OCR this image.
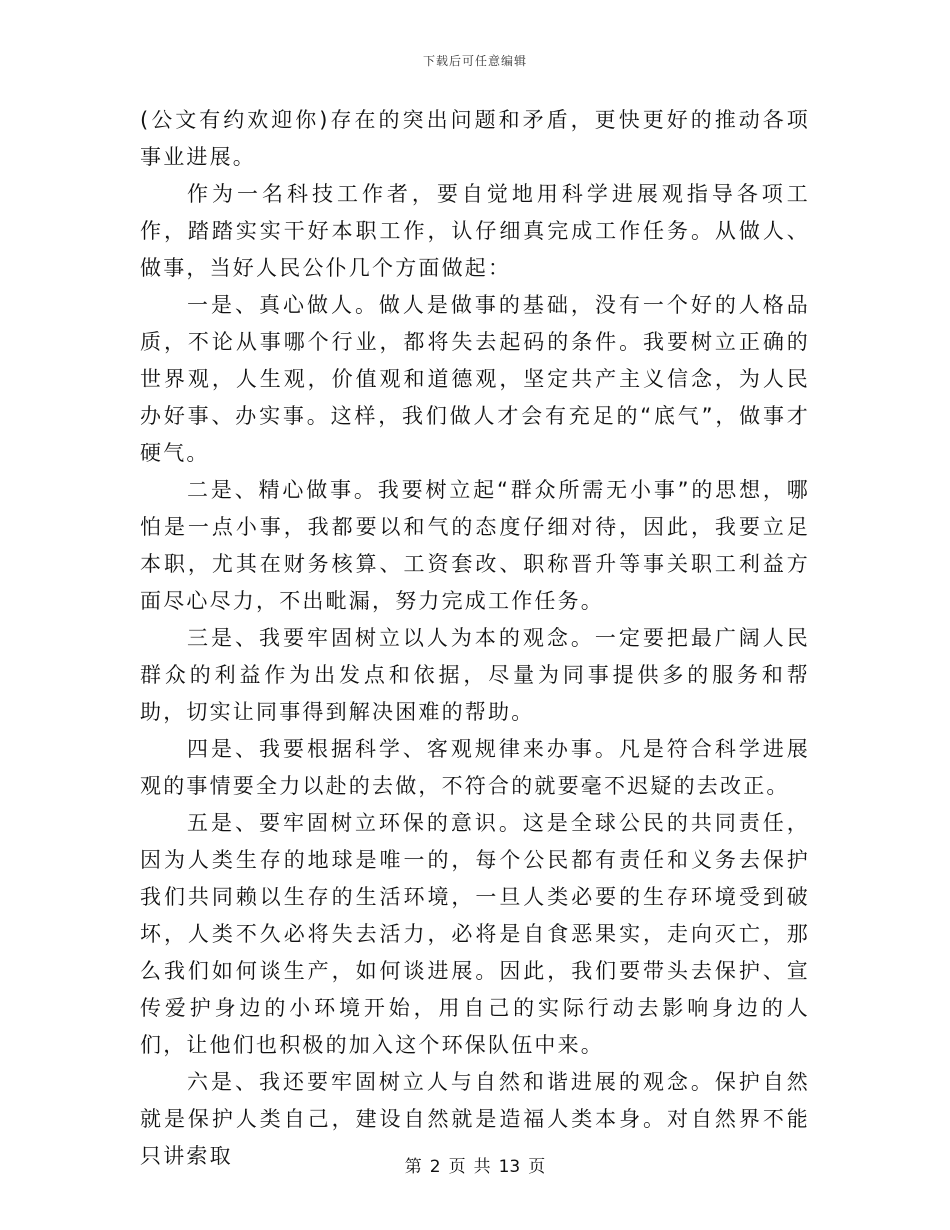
下载后可任意编辑

(公文有约欢迎你)存在的突出问题和矛盾，更快更好的推动各项事业进展。

作为一名科技工作者，要自觉地用科学进展观指导各项工作，踏踏实实干好本职工作，认仔细真完成工作任务。从做人、做事，当好人民公仆几个方面做起：

一是、真心做人。做人是做事的基础，没有一个好的人格品质，不论从事哪个行业，都将失去起码的条件。我要树立正确的世界观，人生观，价值观和道德观，坚定共产主义信念，为人民办好事、办实事。这样，我们做人才会有充足的“底气”，做事才硬气。

二是、精心做事。我要树立起“群众所需无小事”的思想，哪怕是一点小事，我都要以和气的态度仔细对待，因此，我要立足本职，尤其在财务核算、工资套改、职称晋升等事关职工利益方面尽心尽力，不出毗漏，努力完成工作任务。

三是、我要牢固树立以人为本的观念。一定要把最广阔人民群众的利益作为出发点和依据，尽量为同事提供多的服务和帮助，切实让同事得到解决困难的帮助。

四是、我要根据科学、客观规律来办事。凡是符合科学进展观的事情要全力以赴的去做，不符合的就要毫不迟疑的去改正。

五是、要牢固树立环保的意识。这是全球公民的共同责任，因为人类生存的地球是唯一的，每个公民都有责任和义务去保护我们共同赖以生存的生活环境，一旦人类必要的生存环境受到破坏，人类不久必将失去活力，必将是自食恶果实，走向灭亡，那么我们如何谈生产，如何谈进展。因此，我们要带头去保护、宣传爱护身边的小环境开始，用自己的实际行动去影响身边的人们，让他们也积极的加入这个环保队伍中来。

六是、我还要牢固树立人与自然和谐进展的观念。保护自然就是保护人类自己，建设自然就是造福人类本身。对自然界不能只讲索取	第 2 页 共 13 页
